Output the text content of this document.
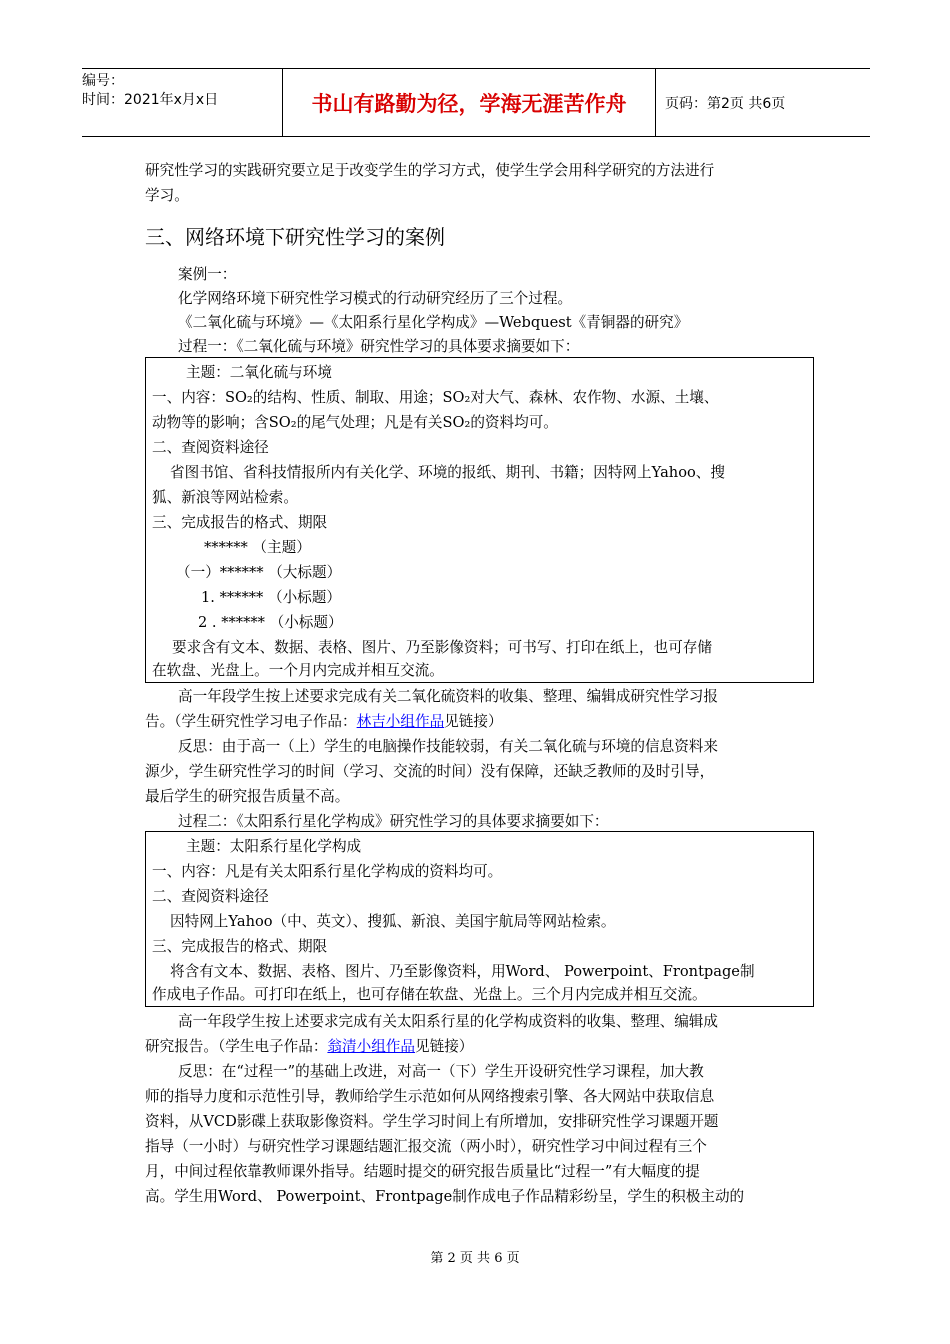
编号：
时间：2021年x月x日	书山有路勤为径，学海无涯苦作舟	页码：第2页 共6页
研究性学习的实践研究要立足于改变学生的学习方式，使学生学会用科学研究的方法进行
学习。
三、网络环境下研究性学习的案例
案例一：
化学网络环境下研究性学习模式的行动研究经历了三个过程。
《二氧化硫与环境》—《太阳系行星化学构成》—Webquest《青铜器的研究》
过程一：《二氧化硫与环境》研究性学习的具体要求摘要如下：
主题：二氧化硫与环境
一、内容：SO₂的结构、性质、制取、用途；SO₂对大气、森林、农作物、水源、土壤、
动物等的影响；含SO₂的尾气处理；凡是有关SO₂的资料均可。
二、查阅资料途径
省图书馆、省科技情报所内有关化学、环境的报纸、期刊、书籍；因特网上Yahoo、搜
狐、新浪等网站检索。
三、完成报告的格式、期限
****** （主题）
（一）****** （大标题）
1. ****** （小标题）
2 . ****** （小标题）
要求含有文本、数据、表格、图片、乃至影像资料；可书写、打印在纸上，也可存储
在软盘、光盘上。一个月内完成并相互交流。
高一年段学生按上述要求完成有关二氧化硫资料的收集、整理、编辑成研究性学习报
告。（学生研究性学习电子作品：林吉小组作品见链接）
反思：由于高一（上）学生的电脑操作技能较弱，有关二氧化硫与环境的信息资料来
源少，学生研究性学习的时间（学习、交流的时间）没有保障，还缺乏教师的及时引导，
最后学生的研究报告质量不高。
过程二：《太阳系行星化学构成》研究性学习的具体要求摘要如下：
主题：太阳系行星化学构成
一、内容：凡是有关太阳系行星化学构成的资料均可。
二、查阅资料途径
因特网上Yahoo（中、英文）、搜狐、新浪、美国宇航局等网站检索。
三、完成报告的格式、期限
将含有文本、数据、表格、图片、乃至影像资料，用Word、 Powerpoint、Frontpage制
作成电子作品。可打印在纸上，也可存储在软盘、光盘上。三个月内完成并相互交流。
高一年段学生按上述要求完成有关太阳系行星的化学构成资料的收集、整理、编辑成
研究报告。（学生电子作品：翁清小组作品见链接）
反思：在“过程一”的基础上改进，对高一（下）学生开设研究性学习课程，加大教
师的指导力度和示范性引导，教师给学生示范如何从网络搜索引擎、各大网站中获取信息
资料，从VCD影碟上获取影像资料。学生学习时间上有所增加，安排研究性学习课题开题
指导（一小时）与研究性学习课题结题汇报交流（两小时），研究性学习中间过程有三个
月，中间过程依靠教师课外指导。结题时提交的研究报告质量比“过程一”有大幅度的提
高。学生用Word、 Powerpoint、Frontpage制作成电子作品精彩纷呈，学生的积极主动的
第 2 页 共 6 页
